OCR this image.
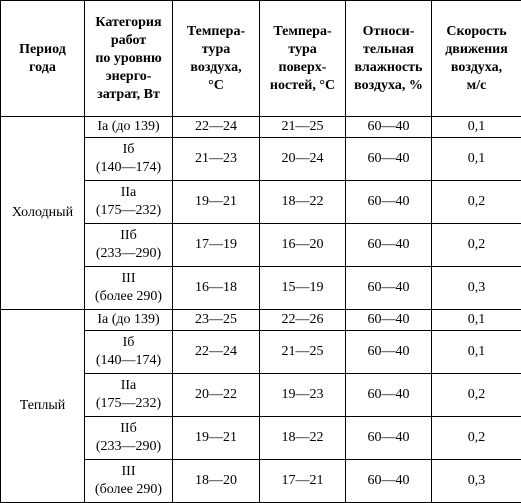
Период
года	Категория
работ
по уровню
энерго-
затрат, Вт	Темпера-
тура
воздуха,
°С	Темпера-
тура
поверх-
ностей, °С	Относи-
тельная
влажность
воздуха, %	Скорость
движения
воздуха,
м/с
Холодный	Ia (до 139)	22—24	21—25	60—40	0,1
	Iб
(140—174)	21—23	20—24	60—40	0,1
	IIa
(175—232)	19—21	18—22	60—40	0,2
	IIб
(233—290)	17—19	16—20	60—40	0,2
	III
(более 290)	16—18	15—19	60—40	0,3
Теплый	Ia (до 139)	23—25	22—26	60—40	0,1
	Iб
(140—174)	22—24	21—25	60—40	0,1
	IIa
(175—232)	20—22	19—23	60—40	0,2
	IIб
(233—290)	19—21	18—22	60—40	0,2
	III
(более 290)	18—20	17—21	60—40	0,3
